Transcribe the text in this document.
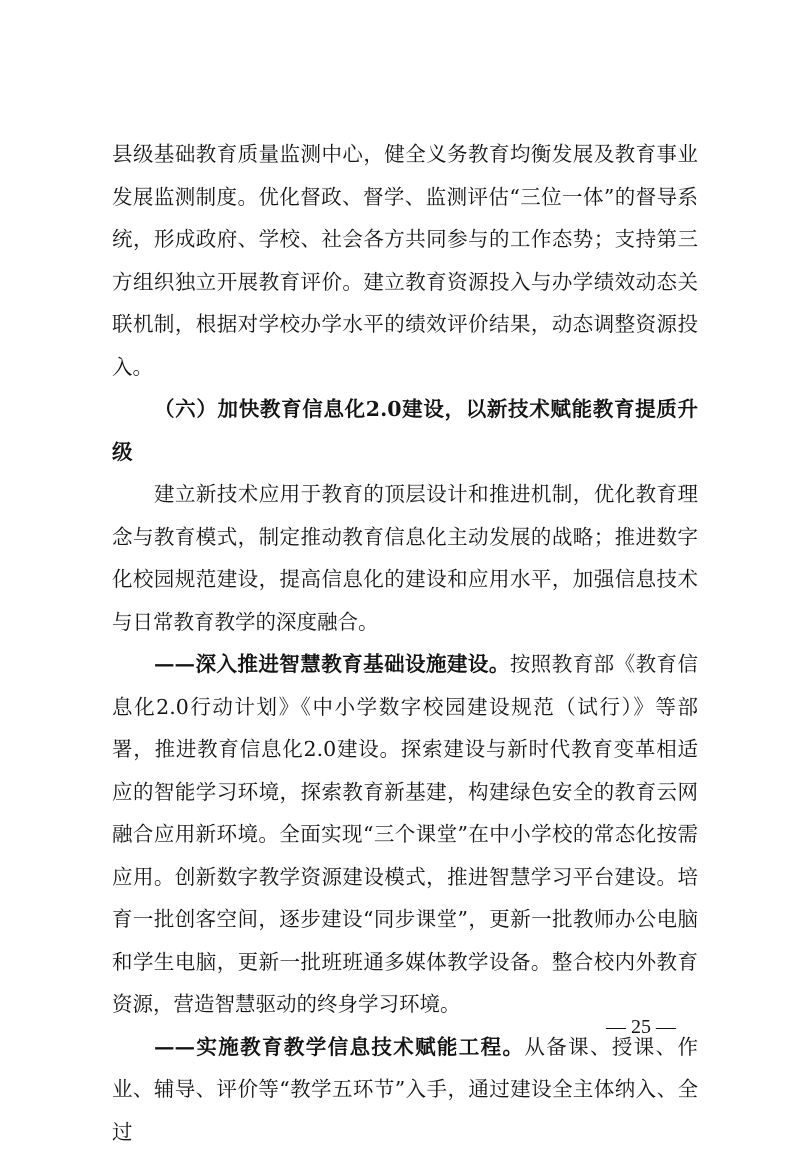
县级基础教育质量监测中心，健全义务教育均衡发展及教育事业发展监测制度。优化督政、督学、监测评估“三位一体”的督导系统，形成政府、学校、社会各方共同参与的工作态势；支持第三方组织独立开展教育评价。建立教育资源投入与办学绩效动态关联机制，根据对学校办学水平的绩效评价结果，动态调整资源投入。

（六）加快教育信息化2.0建设，以新技术赋能教育提质升级

建立新技术应用于教育的顶层设计和推进机制，优化教育理念与教育模式，制定推动教育信息化主动发展的战略；推进数字化校园规范建设，提高信息化的建设和应用水平，加强信息技术与日常教育教学的深度融合。

——深入推进智慧教育基础设施建设。按照教育部《教育信息化2.0行动计划》《中小学数字校园建设规范（试行）》等部署，推进教育信息化2.0建设。探索建设与新时代教育变革相适应的智能学习环境，探索教育新基建，构建绿色安全的教育云网融合应用新环境。全面实现“三个课堂”在中小学校的常态化按需应用。创新数字教学资源建设模式，推进智慧学习平台建设。培育一批创客空间，逐步建设“同步课堂”，更新一批教师办公电脑和学生电脑，更新一批班班通多媒体教学设备。整合校内外教育资源，营造智慧驱动的终身学习环境。

——实施教育教学信息技术赋能工程。从备课、授课、作业、辅导、评价等“教学五环节”入手，通过建设全主体纳入、全过

— 25 —
